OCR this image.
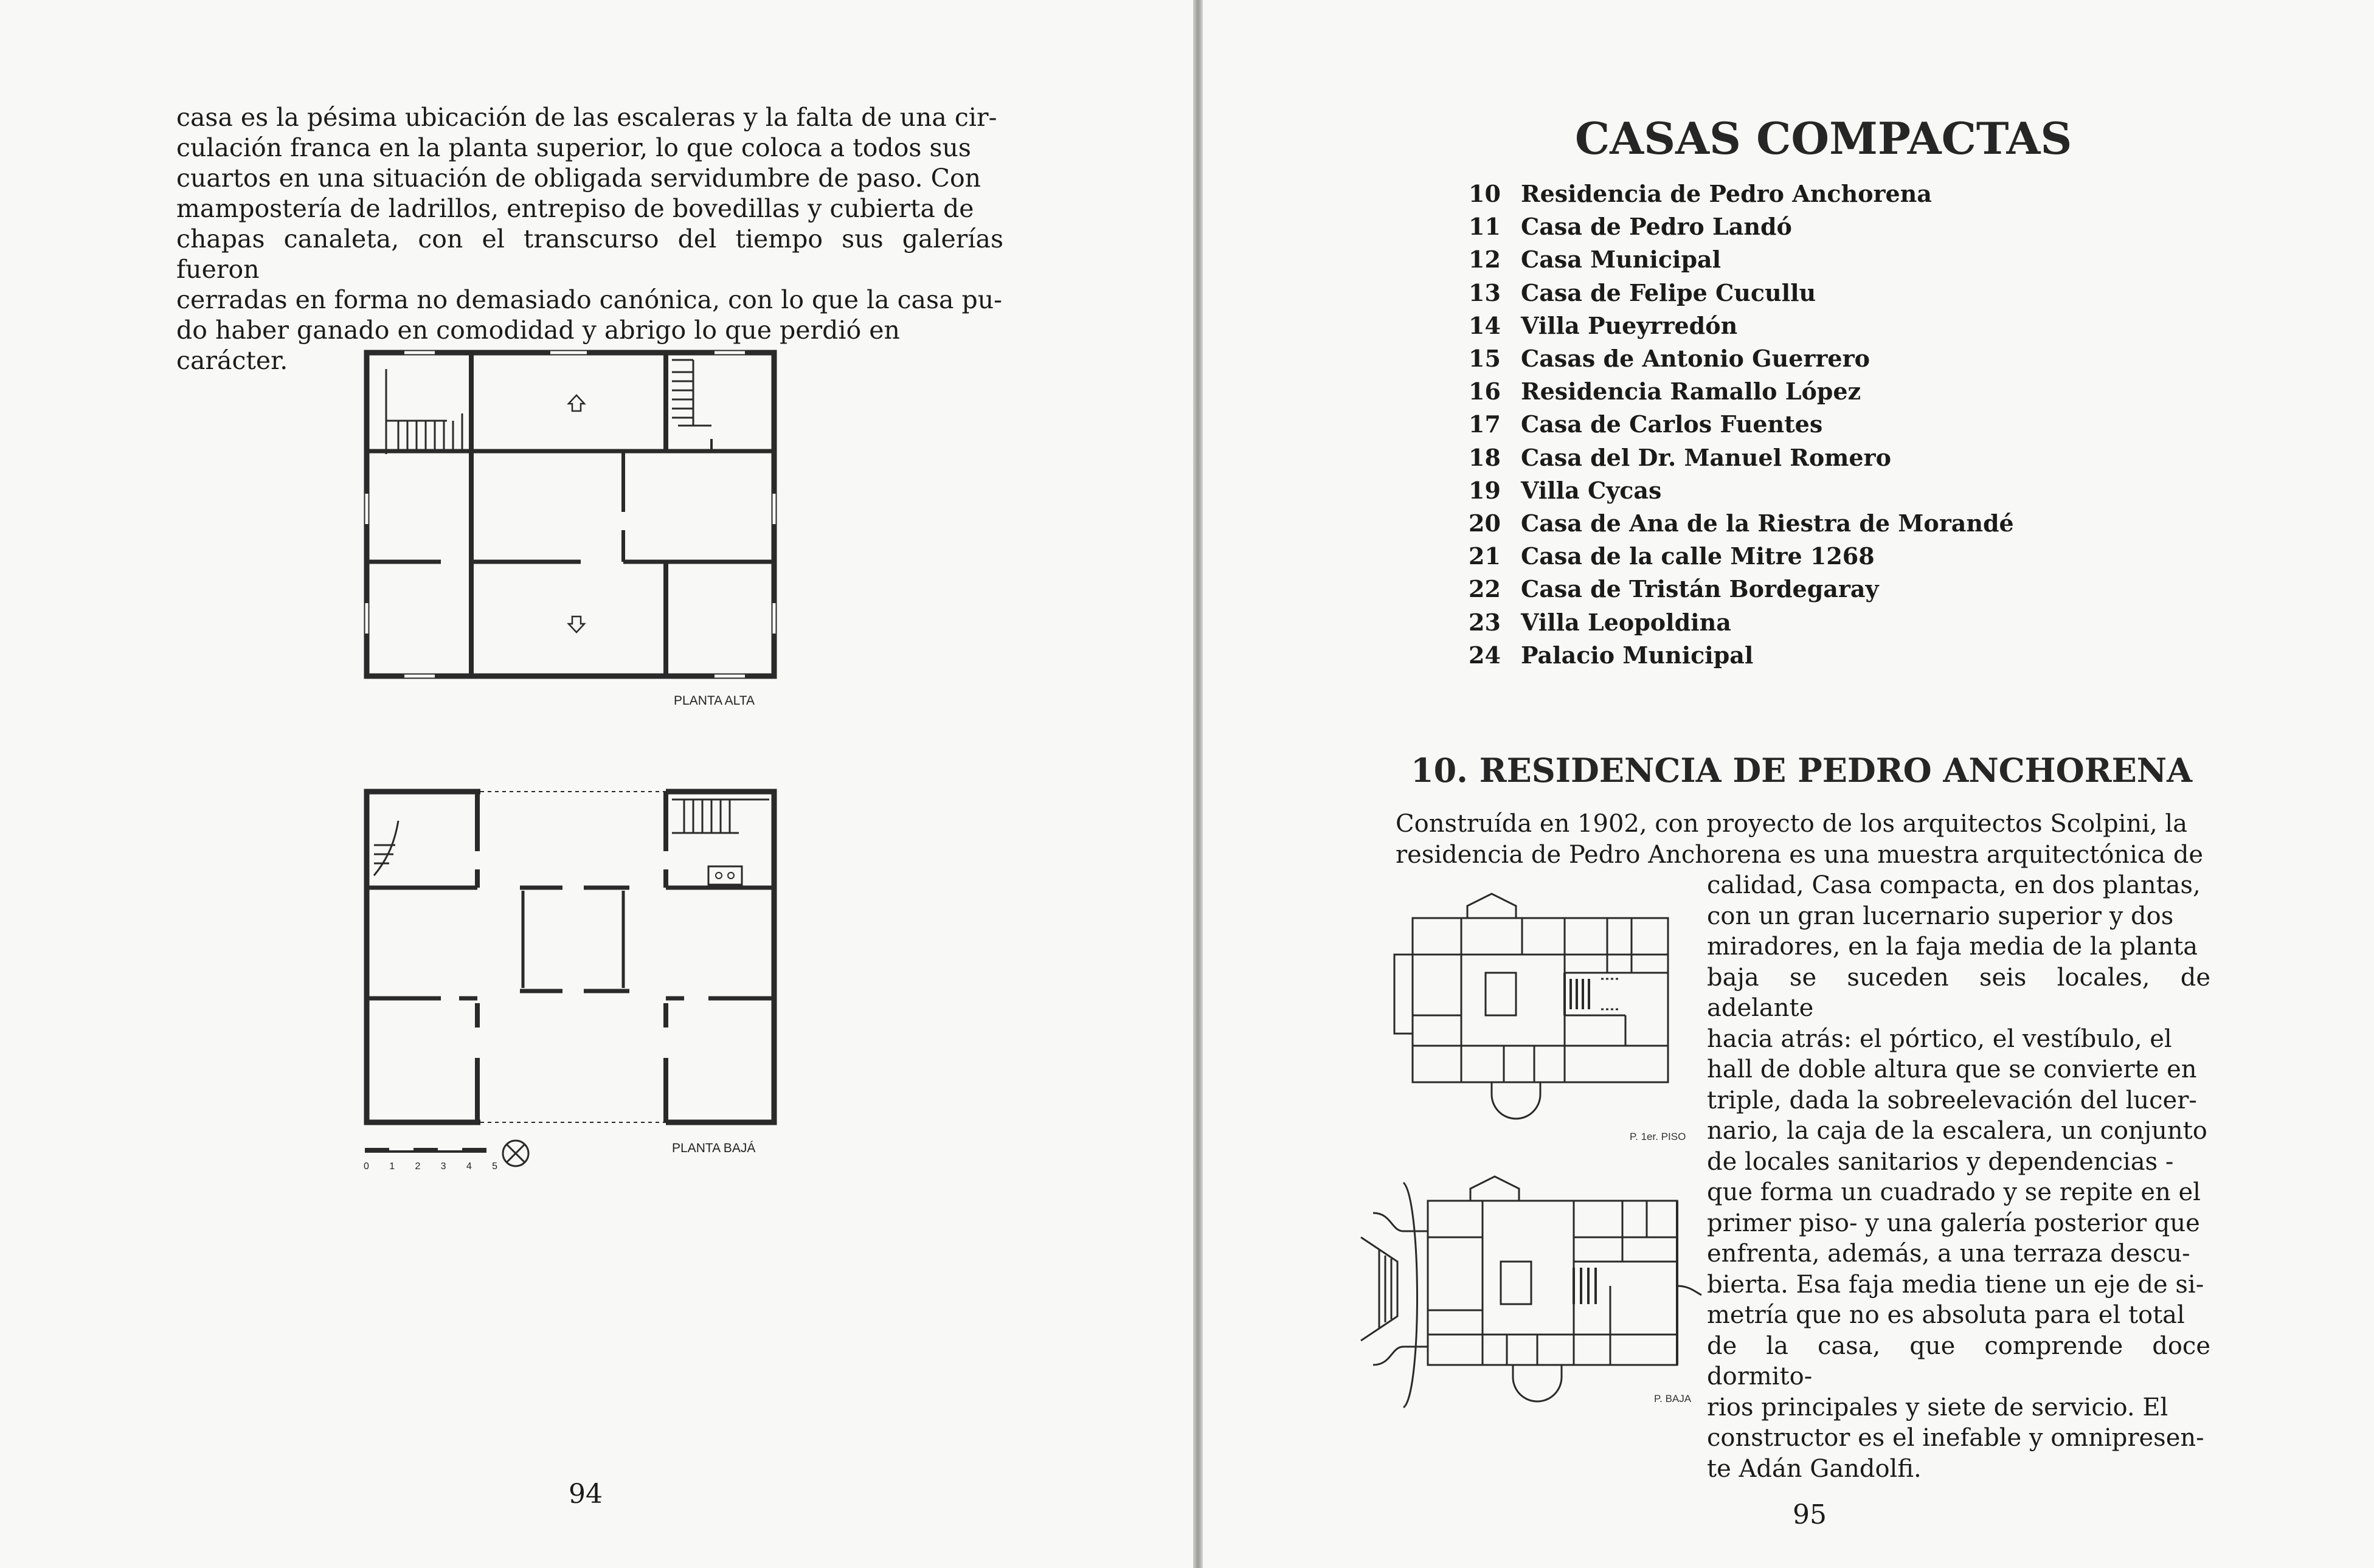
casa es la pésima ubicación de las escaleras y la falta de una cir-
culación franca en la planta superior, lo que coloca a todos sus
cuartos en una situación de obligada servidumbre de paso. Con
mampostería de ladrillos, entrepiso de bovedillas y cubierta de
chapas canaleta, con el transcurso del tiempo sus galerías fueron
cerradas en forma no demasiado canónica, con lo que la casa pu-
do haber ganado en comodidad y abrigo lo que perdió en carácter.

PLANTA ALTA
PLANTA BAJÁ
0 1 2 3 4 5
94
CASAS COMPACTAS
10 Residencia de Pedro Anchorena
11 Casa de Pedro Landó
12 Casa Municipal
13 Casa de Felipe Cucullu
14 Villa Pueyrredón
15 Casas de Antonio Guerrero
16 Residencia Ramallo López
17 Casa de Carlos Fuentes
18 Casa del Dr. Manuel Romero
19 Villa Cycas
20 Casa de Ana de la Riestra de Morandé
21 Casa de la calle Mitre 1268
22 Casa de Tristán Bordegaray
23 Villa Leopoldina
24 Palacio Municipal
10. RESIDENCIA DE PEDRO ANCHORENA

Construída en 1902, con proyecto de los arquitectos Scolpini, la
residencia de Pedro Anchorena es una muestra arquitectónica de

calidad, Casa compacta, en dos plantas,
con un gran lucernario superior y dos
miradores, en la faja media de la planta
baja se suceden seis locales, de adelante
hacia atrás: el pórtico, el vestíbulo, el
hall de doble altura que se convierte en
triple, dada la sobreelevación del lucer-
nario, la caja de la escalera, un conjunto
de locales sanitarios y dependencias -
que forma un cuadrado y se repite en el
primer piso- y una galería posterior que
enfrenta, además, a una terraza descu-
bierta. Esa faja media tiene un eje de si-
metría que no es absoluta para el total
de la casa, que comprende doce dormito-
rios principales y siete de servicio. El
constructor es el inefable y omnipresen-
te Adán Gandolfi.

P. 1er. PISO
P. BAJA
95
